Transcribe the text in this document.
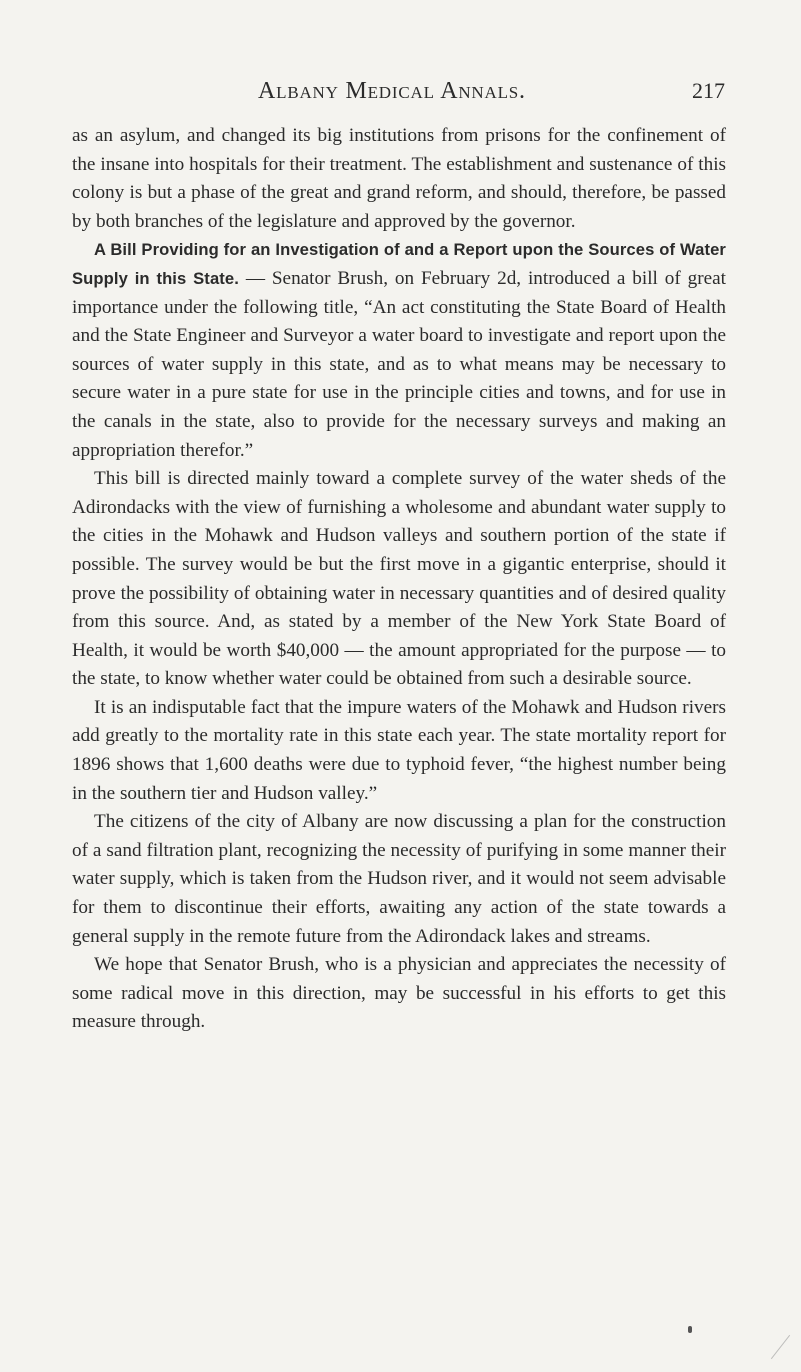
Albany Medical Annals.	217

as an asylum, and changed its big institutions from prisons for the confinement of the insane into hospitals for their treatment. The establishment and sustenance of this colony is but a phase of the great and grand reform, and should, therefore, be passed by both branches of the legislature and approved by the governor.

A Bill Providing for an Investigation of and a Report upon the Sources of Water Supply in this State. — Senator Brush, on February 2d, introduced a bill of great importance under the following title, “An act constituting the State Board of Health and the State Engineer and Surveyor a water board to investigate and report upon the sources of water supply in this state, and as to what means may be necessary to secure water in a pure state for use in the principle cities and towns, and for use in the canals in the state, also to provide for the necessary surveys and making an appropriation therefor.”

This bill is directed mainly toward a complete survey of the water sheds of the Adirondacks with the view of furnishing a wholesome and abundant water supply to the cities in the Mohawk and Hudson valleys and southern portion of the state if possible. The survey would be but the first move in a gigantic enterprise, should it prove the possibility of obtaining water in necessary quantities and of desired quality from this source. And, as stated by a member of the New York State Board of Health, it would be worth $40,000 — the amount appropriated for the purpose — to the state, to know whether water could be obtained from such a desirable source.

It is an indisputable fact that the impure waters of the Mohawk and Hudson rivers add greatly to the mortality rate in this state each year. The state mortality report for 1896 shows that 1,600 deaths were due to typhoid fever, “the highest number being in the southern tier and Hudson valley.”

The citizens of the city of Albany are now discussing a plan for the construction of a sand filtration plant, recognizing the necessity of purifying in some manner their water supply, which is taken from the Hudson river, and it would not seem advisable for them to discontinue their efforts, awaiting any action of the state towards a general supply in the remote future from the Adirondack lakes and streams.

We hope that Senator Brush, who is a physician and appreciates the necessity of some radical move in this direction, may be successful in his efforts to get this measure through.
